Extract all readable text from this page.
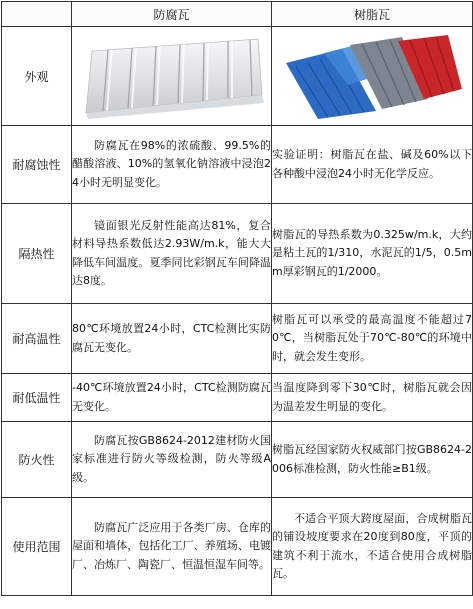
	防腐瓦	树脂瓦
外观	

耐腐蚀性	防腐瓦在98%的浓硫酸、99.5%的醋酸溶液、10%的氢氧化钠溶液中浸泡24小时无明显变化。	实验证明：树脂瓦在盐、碱及60%以下各种酸中浸泡24小时无化学反应。

隔热性	镜面银光反射性能高达81%，复合材料导热系数低达2.93W/m.k，能大大降低车间温度。夏季同比彩钢瓦车间降温达8度。	树脂瓦的导热系数为0.325w/m.k，大约是粘土瓦的1/310，水泥瓦的1/5，0.5mm厚彩钢瓦的1/2000。

耐高温性	80℃环境放置24小时，CTC检测比实防腐瓦无变化。	树脂瓦可以承受的最高温度不能超过70℃，当树脂瓦处于70℃-80℃的环境中时，就会发生变形。

耐低温性	-40℃环境放置24小时，CTC检测防腐瓦无变化。	当温度降到零下30℃时，树脂瓦就会因为温差发生明显的变化。

防火性	防腐瓦按GB8624-2012建材防火国家标准进行防火等级检测，防火等级A级。	树脂瓦经国家防火权威部门按GB8624-2006标准检测，防火性能≥B1级。

使用范围	防腐瓦广泛应用于各类厂房、仓库的屋面和墙体，包括化工厂、养殖场、电镀厂、冶炼厂、陶瓷厂、恒温恒湿车间等。	不适合平顶大跨度屋面，合成树脂瓦的铺设坡度要求在20度到80度，平顶的建筑不利于流水，不适合使用合成树脂瓦。
